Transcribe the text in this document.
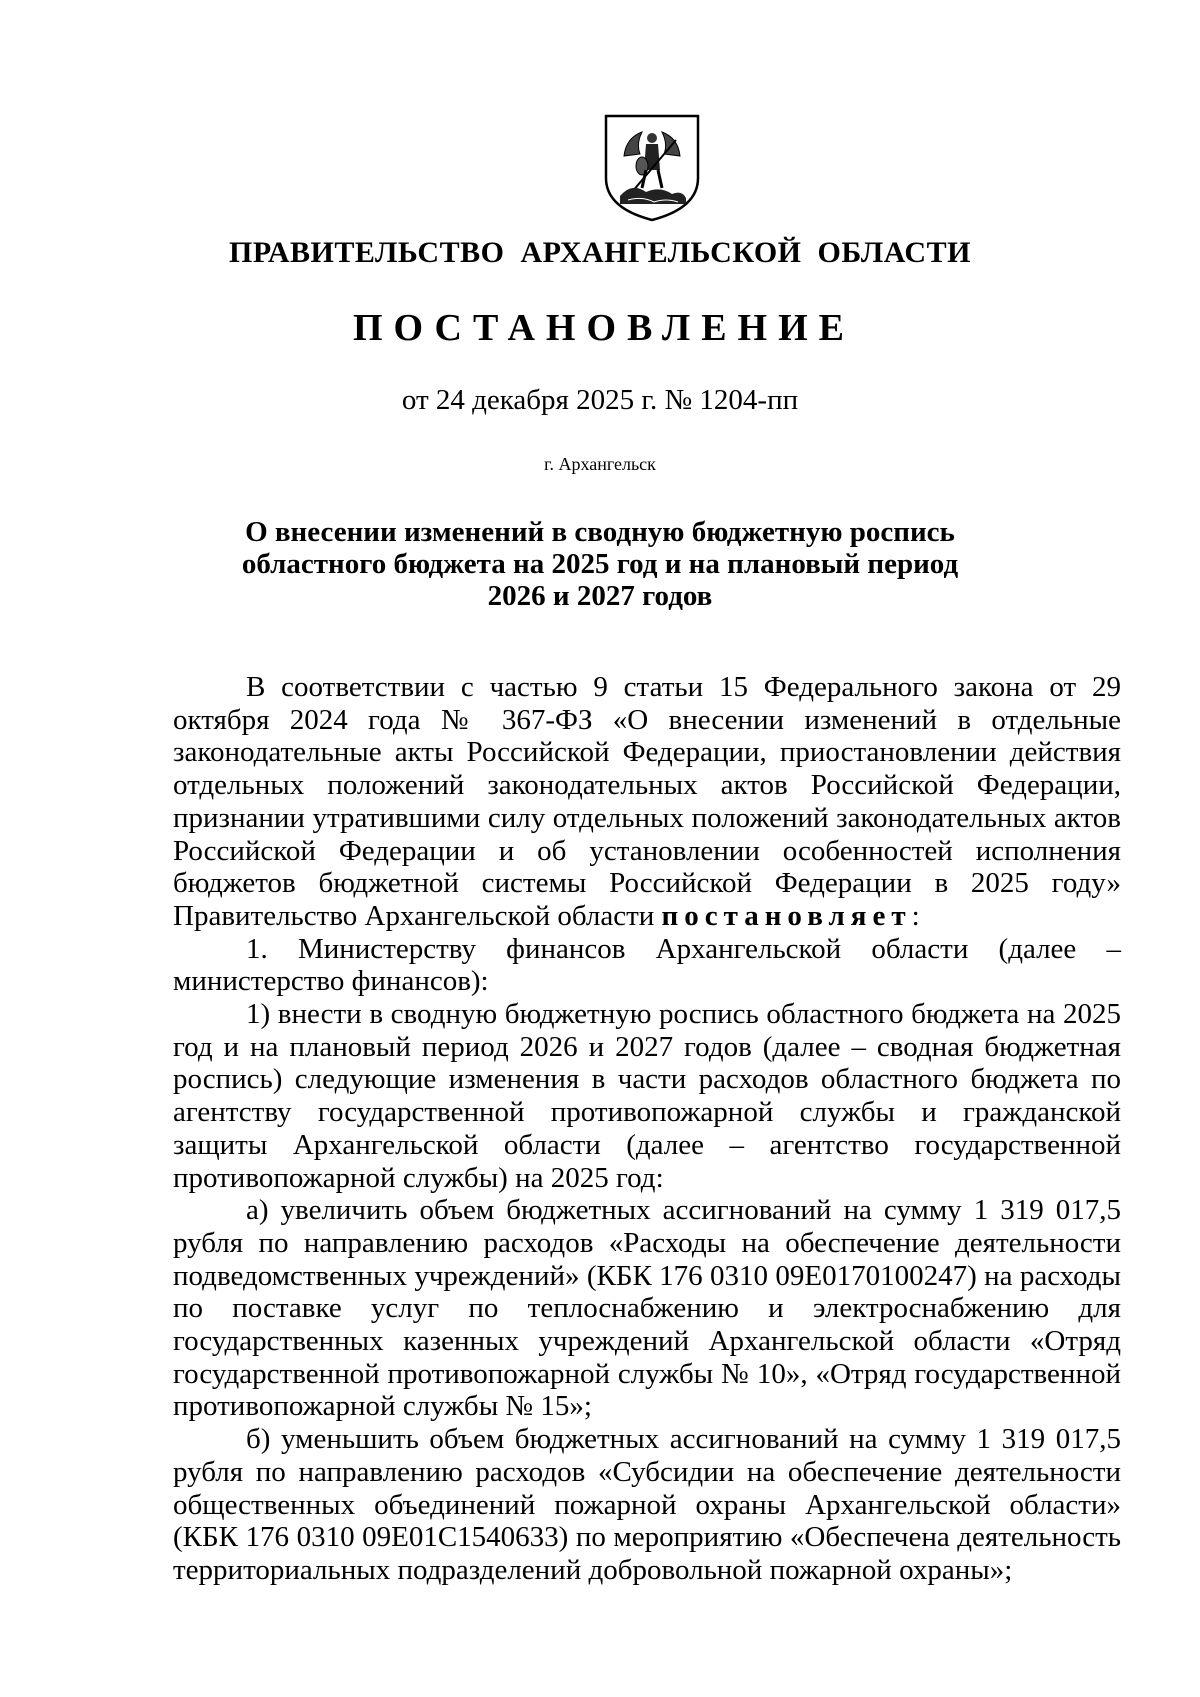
ПРАВИТЕЛЬСТВО АРХАНГЕЛЬСКОЙ ОБЛАСТИ
ПОСТАНОВЛЕНИЕ
от 24 декабря 2025 г. № 1204-пп
г. Архангельск
О внесении изменений в сводную бюджетную роспись
областного бюджета на 2025 год и на плановый период
2026 и 2027 годов

В соответствии с частью 9 статьи 15 Федерального закона от 29 октября 2024 года № 367-ФЗ «О внесении изменений в отдельные законодательные акты Российской Федерации, приостановлении действия отдельных положений законодательных актов Российской Федерации, признании утратившими силу отдельных положений законодательных актов Российской Федерации и об установлении особенностей исполнения бюджетов бюджетной системы Российской Федерации в 2025 году» Правительство Архангельской области постановляет:

1. Министерству финансов Архангельской области (далее – министерство финансов):

1) внести в сводную бюджетную роспись областного бюджета на 2025 год и на плановый период 2026 и 2027 годов (далее – сводная бюджетная роспись) следующие изменения в части расходов областного бюджета по агентству государственной противопожарной службы и гражданской защиты Архангельской области (далее – агентство государственной противопожарной службы) на 2025 год:

а) увеличить объем бюджетных ассигнований на сумму 1 319 017,5 рубля по направлению расходов «Расходы на обеспечение деятельности подведомственных учреждений» (КБК 176 0310 09Е0170100247) на расходы по поставке услуг по теплоснабжению и электроснабжению для государственных казенных учреждений Архангельской области «Отряд государственной противопожарной службы № 10», «Отряд государственной противопожарной службы № 15»;

б) уменьшить объем бюджетных ассигнований на сумму 1 319 017,5 рубля по направлению расходов «Субсидии на обеспечение деятельности общественных объединений пожарной охраны Архангельской области» (КБК 176 0310 09Е01С1540633) по мероприятию «Обеспечена деятельность территориальных подразделений добровольной пожарной охраны»;
